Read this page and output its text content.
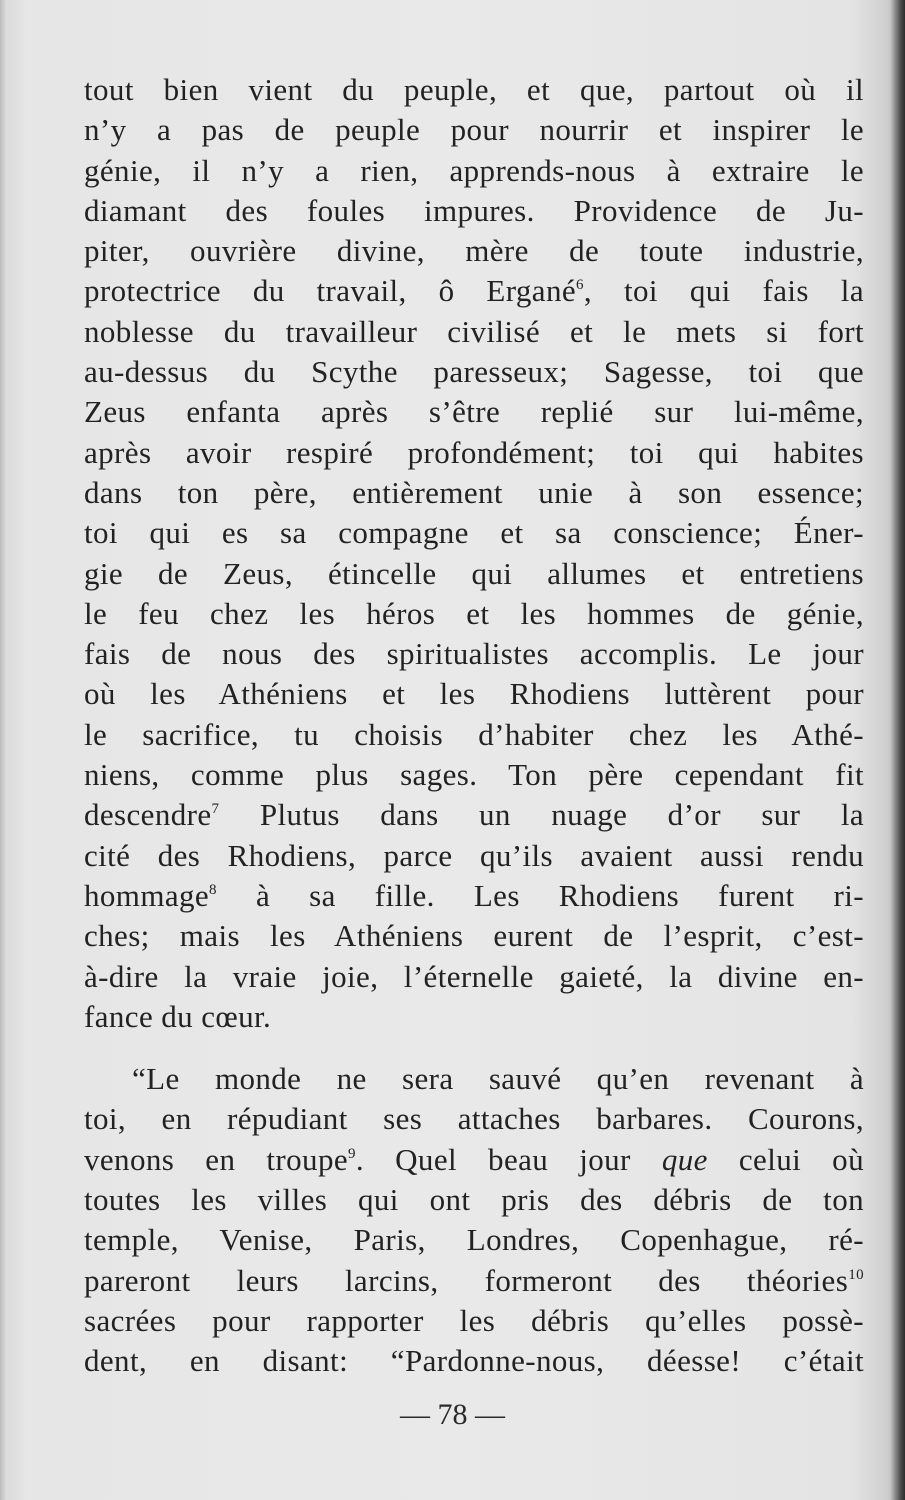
tout bien vient du peuple, et que, partout où il
n’y a pas de peuple pour nourrir et inspirer le
génie, il n’y a rien, apprends-nous à extraire le
diamant des foules impures. Providence de Ju-
piter, ouvrière divine, mère de toute industrie,
protectrice du travail, ô Ergané$^6$, toi qui fais la
noblesse du travailleur civilisé et le mets si fort
au-dessus du Scythe paresseux; Sagesse, toi que
Zeus enfanta après s’être replié sur lui-même,
après avoir respiré profondément; toi qui habites
dans ton père, entièrement unie à son essence;
toi qui es sa compagne et sa conscience; Éner-
gie de Zeus, étincelle qui allumes et entretiens
le feu chez les héros et les hommes de génie,
fais de nous des spiritualistes accomplis. Le jour
où les Athéniens et les Rhodiens luttèrent pour
le sacrifice, tu choisis d’habiter chez les Athé-
niens, comme plus sages. Ton père cependant fit
descendre$^7$ Plutus dans un nuage d’or sur la
cité des Rhodiens, parce qu’ils avaient aussi rendu
hommage$^8$ à sa fille. Les Rhodiens furent ri-
ches; mais les Athéniens eurent de l’esprit, c’est-
à-dire la vraie joie, l’éternelle gaieté, la divine en-
fance du cœur.
“Le monde ne sera sauvé qu’en revenant à
toi, en répudiant ses attaches barbares. Courons,
venons en troupe$^9$. Quel beau jour que celui où
toutes les villes qui ont pris des débris de ton
temple, Venise, Paris, Londres, Copenhague, ré-
pareront leurs larcins, formeront des théories$^{10}$
sacrées pour rapporter les débris qu’elles possè-
dent, en disant: “Pardonne-nous, déesse! c’était
— 78 —
